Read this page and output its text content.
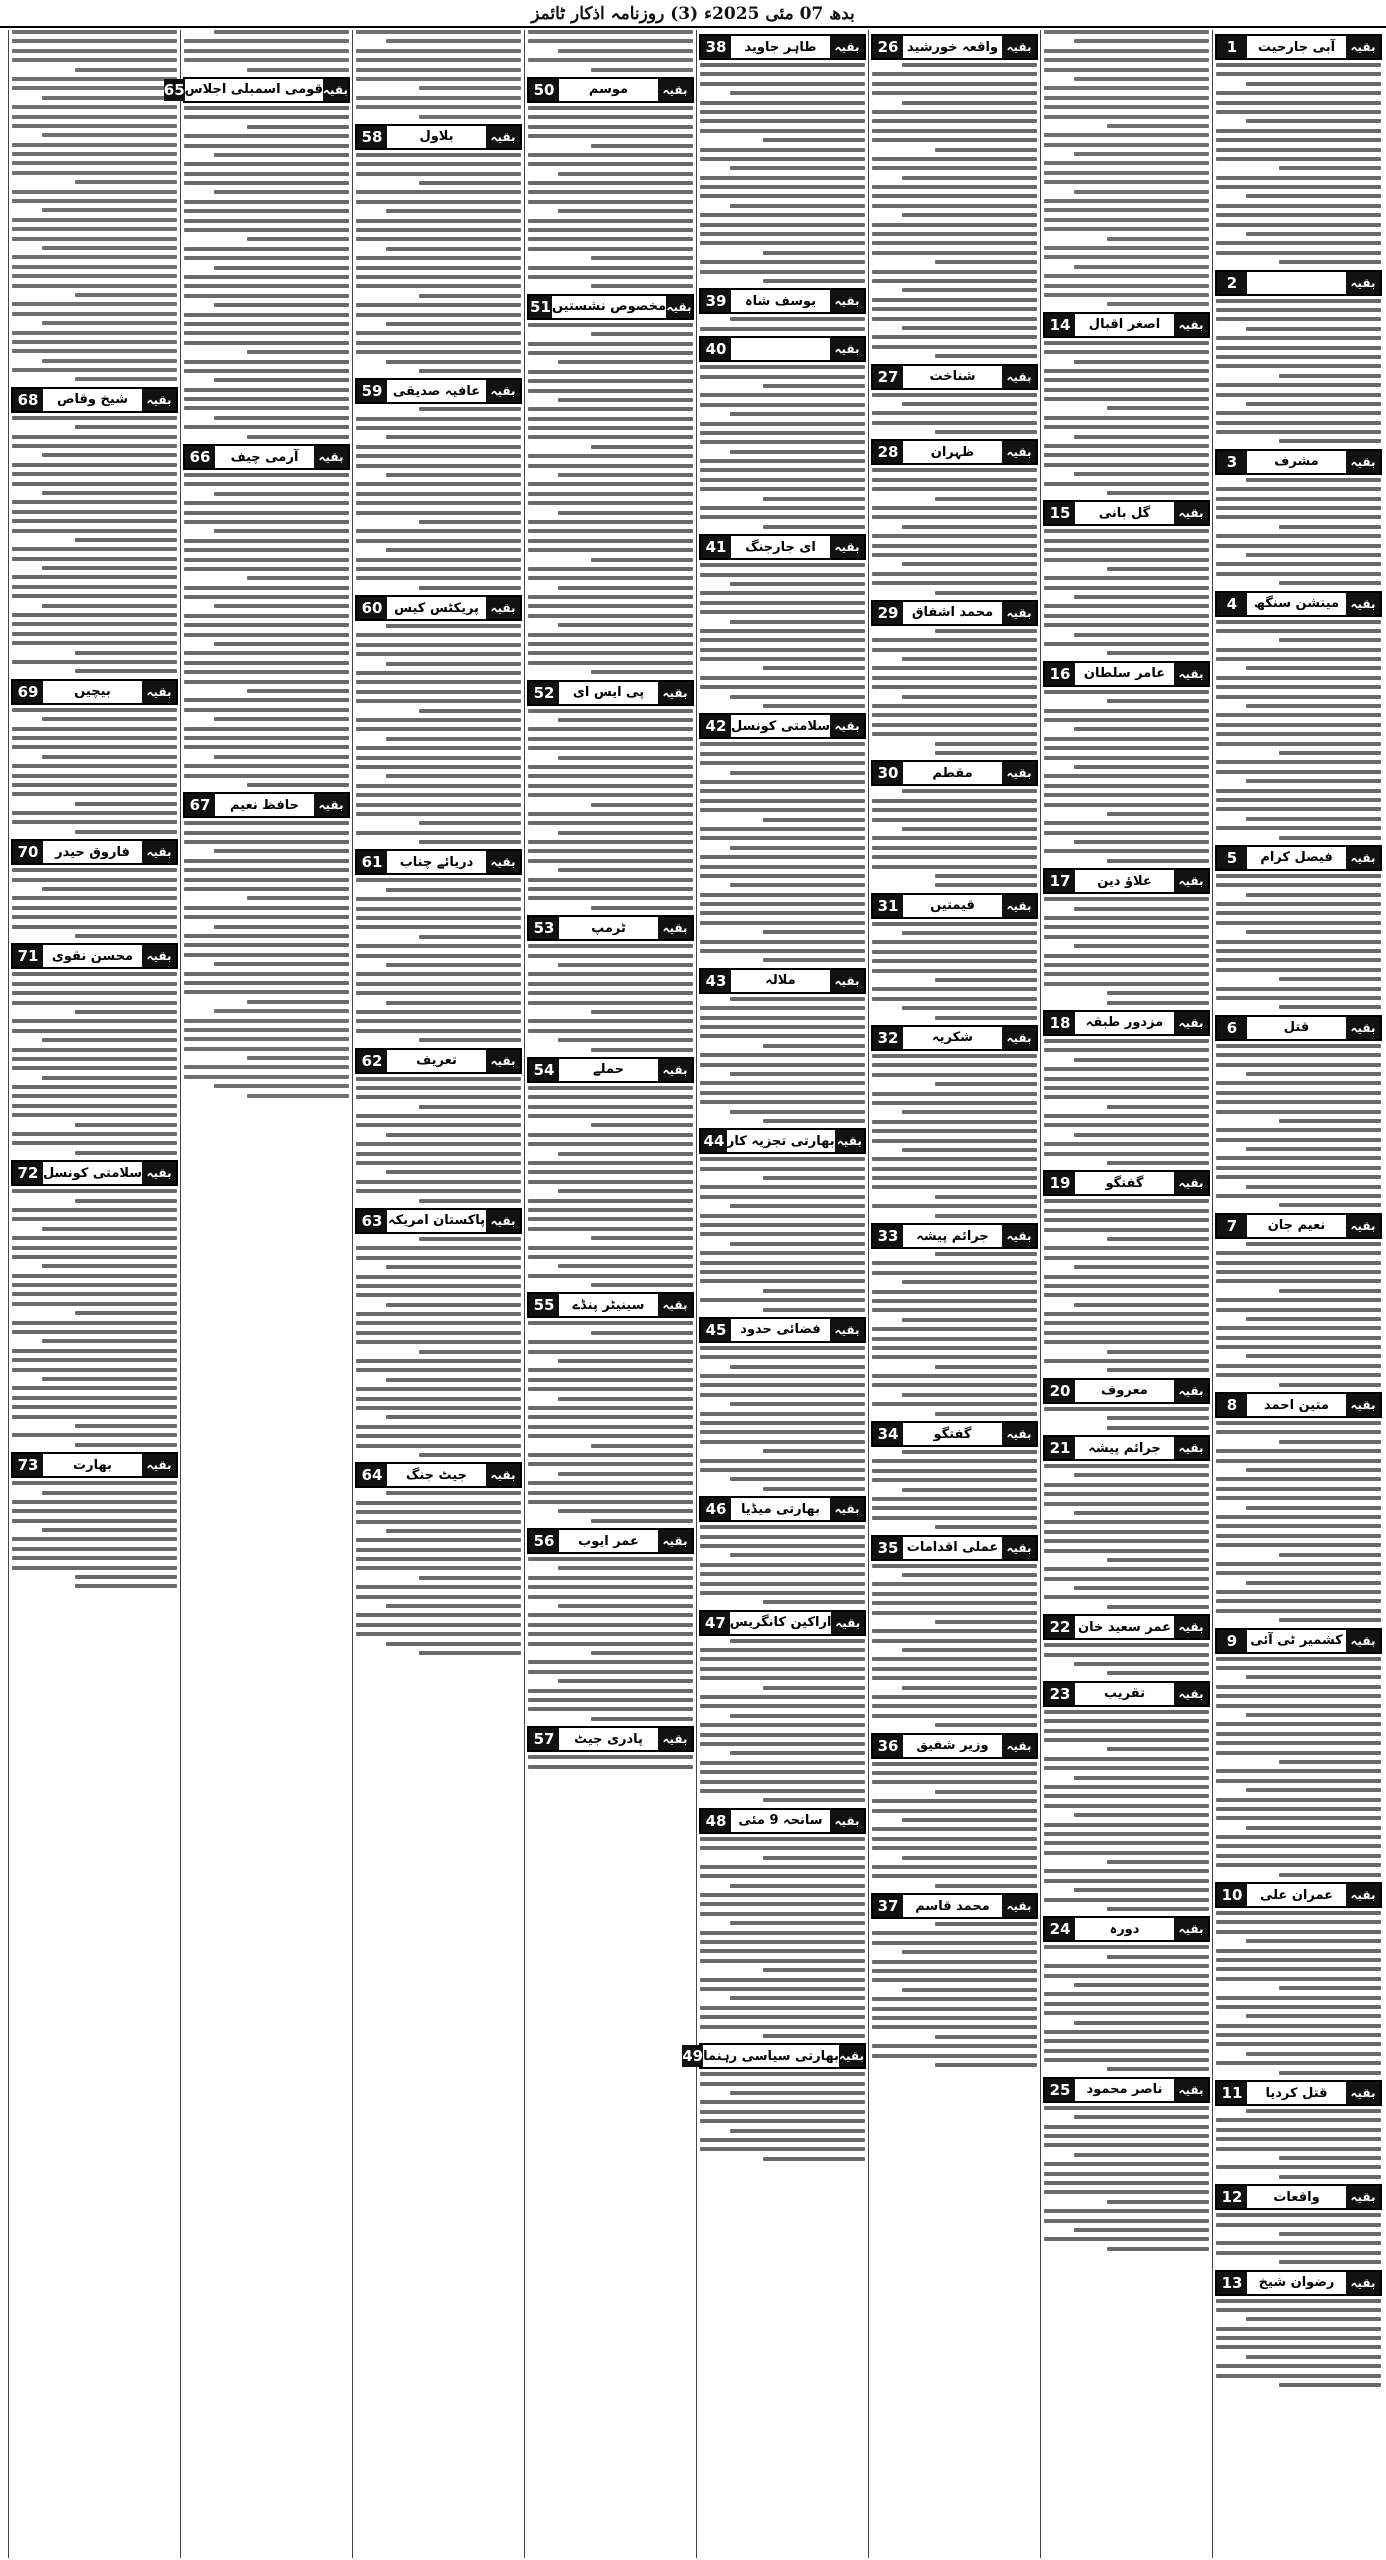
بدھ 07 مئی 2025ء (3) روزنامہ اذکار ٹائمز
بقیہ
آبی جارحیت
1
بقیہ
2
بقیہ
مشرف
3
بقیہ
مینشن سنگھ
4
بقیہ
فیصل کرام
5
بقیہ
قتل
6
بقیہ
نعیم جان
7
بقیہ
متین احمد
8
بقیہ
کشمیر ٹی آئی
9
بقیہ
عمران علی
10
بقیہ
قتل کردیا
11
بقیہ
واقعات
12
بقیہ
رضوان شیخ
13
بقیہ
اصغر اقبال
14
بقیہ
گل بانی
15
بقیہ
عامر سلطان
16
بقیہ
علاؤ دین
17
بقیہ
مزدور طبقہ
18
بقیہ
گفتگو
19
بقیہ
معروف
20
بقیہ
جرائم پیشہ
21
بقیہ
عمر سعید خان
22
بقیہ
تقریب
23
بقیہ
دورہ
24
بقیہ
ناصر محمود
25
بقیہ
واقعہ خورشید
26
بقیہ
شناخت
27
بقیہ
ظہران
28
بقیہ
محمد اشفاق
29
بقیہ
مقطم
30
بقیہ
قیمتیں
31
بقیہ
شکریہ
32
بقیہ
جرائم پیشہ
33
بقیہ
گفتگو
34
بقیہ
عملی اقدامات
35
بقیہ
وزیر شفیق
36
بقیہ
محمد قاسم
37
بقیہ
طاہر جاوید
38
بقیہ
یوسف شاہ
39
بقیہ
40
بقیہ
ای جارجنگ
41
بقیہ
سلامتی کونسل
42
بقیہ
ملالہ
43
بقیہ
بھارتی تجزیہ کار
44
بقیہ
فضائی حدود
45
بقیہ
بھارتی میڈیا
46
بقیہ
اراکین کانگریس
47
بقیہ
سانحہ 9 مئی
48
بقیہ
بھارتی سیاسی رہنما
49
بقیہ
موسم
50
بقیہ
مخصوص نشستیں
51
بقیہ
پی ایس ای
52
بقیہ
ٹرمپ
53
بقیہ
حملے
54
بقیہ
سینیٹر پنڈے
55
بقیہ
عمر ایوب
56
بقیہ
پادری جیٹ
57
بقیہ
بلاول
58
بقیہ
عافیہ صدیقی
59
بقیہ
پریکٹس کیس
60
بقیہ
دریائے چناب
61
بقیہ
تعریف
62
بقیہ
پاکستان امریکہ
63
بقیہ
جیٹ جنگ
64
بقیہ
قومی اسمبلی اجلاس
65
بقیہ
آرمی چیف
66
بقیہ
حافظ نعیم
67
بقیہ
شیخ وقاص
68
بقیہ
بیچیں
69
بقیہ
فاروق حیدر
70
بقیہ
محسن نقوی
71
بقیہ
سلامتی کونسل
72
بقیہ
بھارت
73
